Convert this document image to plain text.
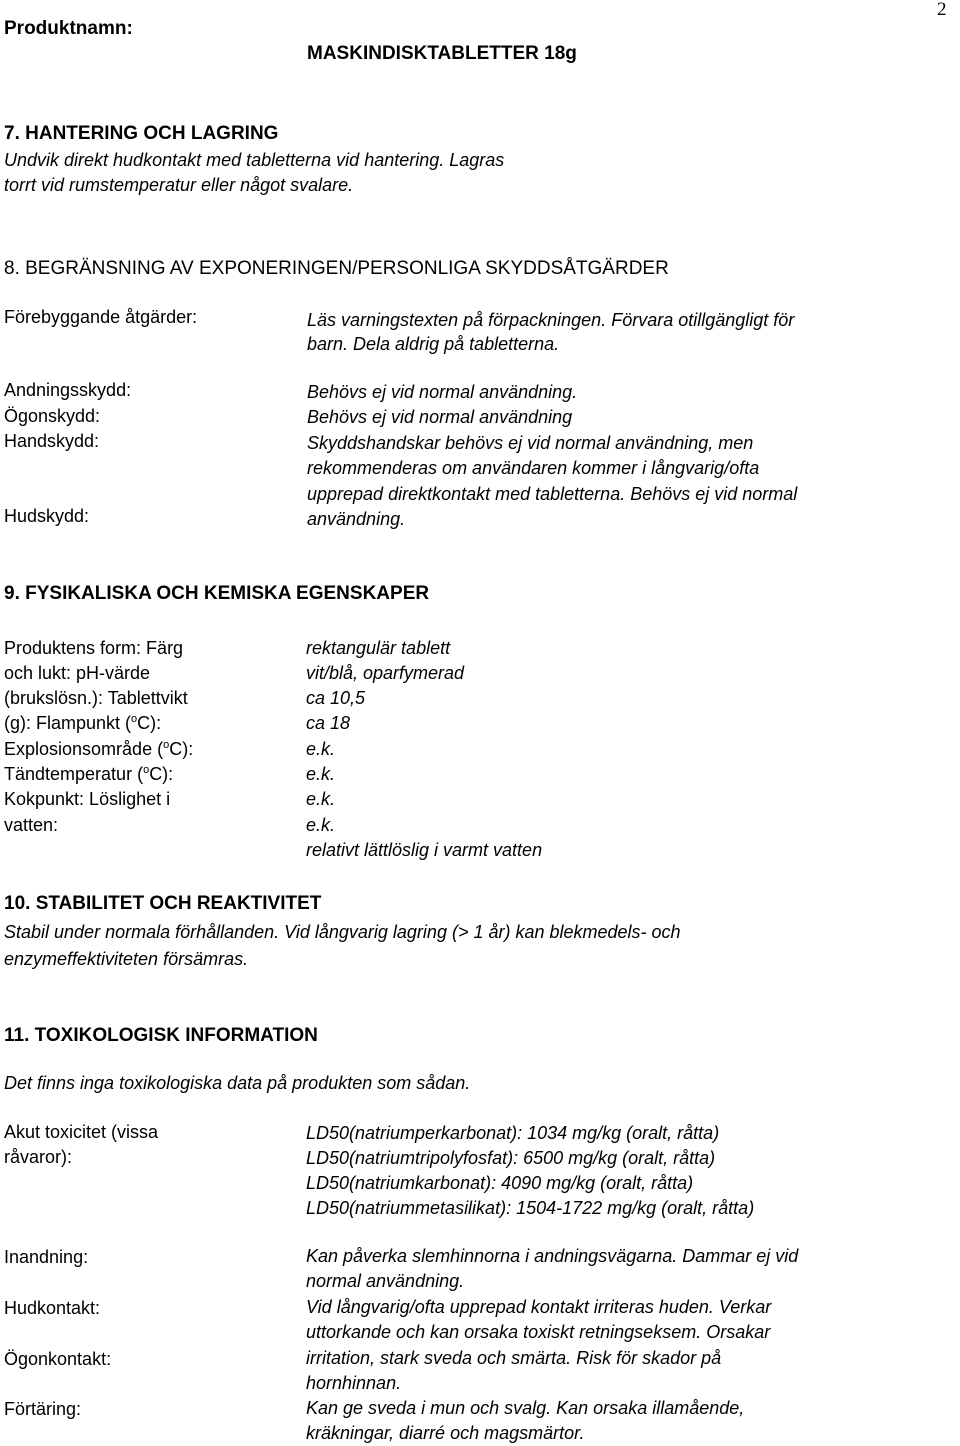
Produktnamn:
MASKINDISKTABLETTER 18g
2
7. HANTERING OCH LAGRING
Undvik direkt hudkontakt med tabletterna vid hantering. Lagras
torrt vid rumstemperatur eller något svalare.
8. BEGRÄNSNING AV EXPONERINGEN/PERSONLIGA SKYDDSÅTGÄRDER
Förebyggande åtgärder:
Andningsskydd:
Ögonskydd:
Handskydd:
Hudskydd:
Läs varningstexten på förpackningen. Förvara otillgängligt för
barn. Dela aldrig på tabletterna.
Behövs ej vid normal användning.
Behövs ej vid normal användning
Skyddshandskar behövs ej vid normal användning, men
rekommenderas om användaren kommer i långvarig/ofta
upprepad direktkontakt med tabletterna. Behövs ej vid normal
användning.
9. FYSIKALISKA OCH KEMISKA EGENSKAPER
Produktens form: Färg
och lukt: pH-värde
(brukslösn.): Tablettvikt
(g): Flampunkt ($^o$C):
Explosionsområde ($^o$C):
Tändtemperatur ($^o$C):
Kokpunkt: Löslighet i
vatten:
rektangulär tablett
vit/blå, oparfymerad
ca 10,5
ca 18
e.k.
e.k.
e.k.
e.k.
relativt lättlöslig i varmt vatten
10. STABILITET OCH REAKTIVITET
Stabil under normala förhållanden. Vid långvarig lagring (> 1 år) kan blekmedels- och
enzymeffektiviteten försämras.
11. TOXIKOLOGISK INFORMATION
Det finns inga toxikologiska data på produkten som sådan.
Akut toxicitet (vissa
råvaror):
LD50(natriumperkarbonat): 1034 mg/kg (oralt, råtta)
LD50(natriumtripolyfosfat): 6500 mg/kg (oralt, råtta)
LD50(natriumkarbonat): 4090 mg/kg (oralt, råtta)
LD50(natriummetasilikat): 1504-1722 mg/kg (oralt, råtta)
Inandning:
Hudkontakt:
Ögonkontakt:
Förtäring:
Kan påverka slemhinnorna i andningsvägarna. Dammar ej vid
normal användning.
Vid långvarig/ofta upprepad kontakt irriteras huden. Verkar
uttorkande och kan orsaka toxiskt retningseksem. Orsakar
irritation, stark sveda och smärta. Risk för skador på
hornhinnan.
Kan ge sveda i mun och svalg. Kan orsaka illamående,
kräkningar, diarré och magsmärtor.
